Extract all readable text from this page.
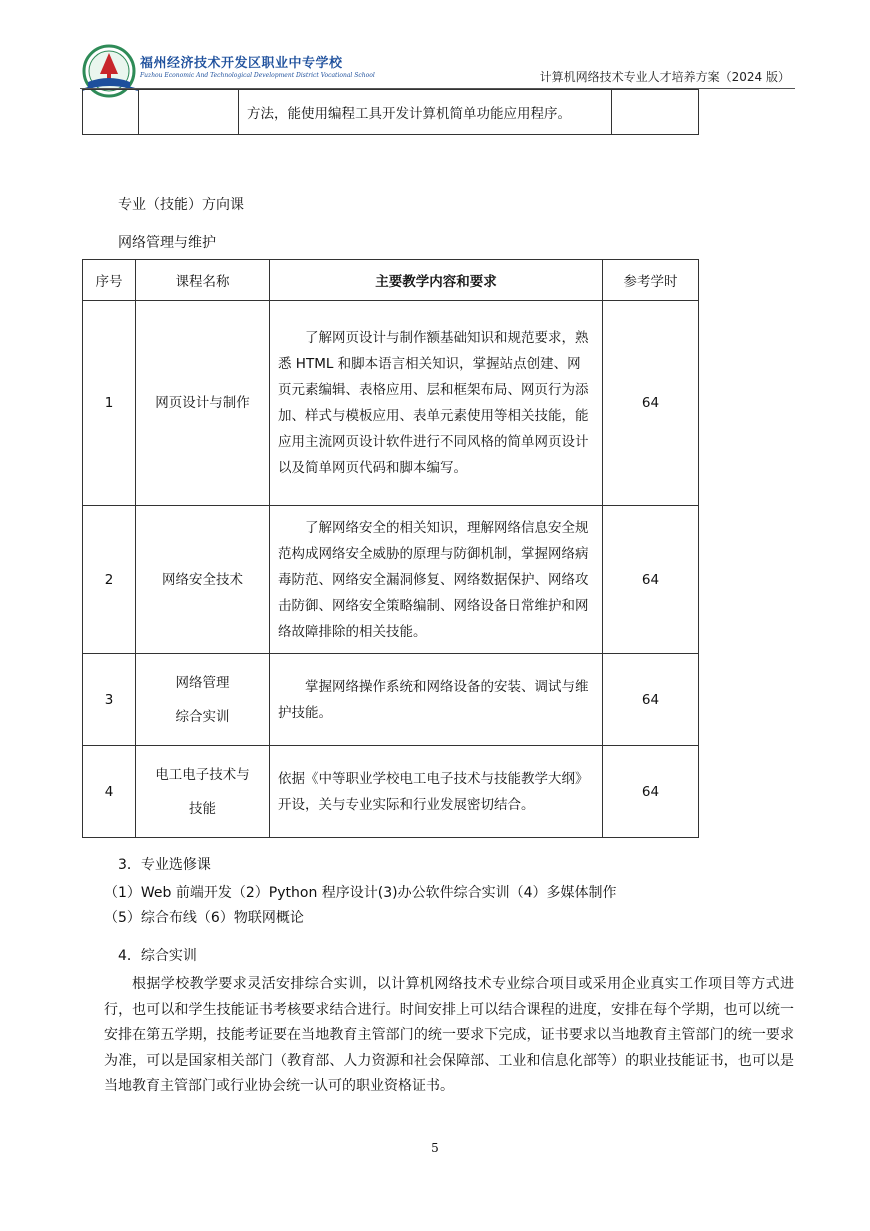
福州经济技术开发区职业中专学校
Fuzhou Economic And Technological Development District Vocational School	计算机网络技术专业人才培养方案（2024 版）
		方法，能使用编程工具开发计算机简单功能应用程序。	
专业（技能）方向课
网络管理与维护
序号	课程名称	主要教学内容和要求	参考学时
1	网页设计与制作	了解网页设计与制作额基础知识和规范要求，熟悉 HTML 和脚本语言相关知识，掌握站点创建、网页元素编辑、表格应用、层和框架布局、网页行为添加、样式与模板应用、表单元素使用等相关技能，能应用主流网页设计软件进行不同风格的简单网页设计以及简单网页代码和脚本编写。	64
2	网络安全技术	了解网络安全的相关知识，理解网络信息安全规范构成网络安全威胁的原理与防御机制，掌握网络病毒防范、网络安全漏洞修复、网络数据保护、网络攻击防御、网络安全策略编制、网络设备日常维护和网络故障排除的相关技能。	64
3	网络管理
综合实训	掌握网络操作系统和网络设备的安装、调试与维护技能。	64
4	电工电子技术与
技能	依据《中等职业学校电工电子技术与技能教学大纲》开设，关与专业实际和行业发展密切结合。	64
3．专业选修课
（1）Web 前端开发（2）Python 程序设计(3)办公软件综合实训（4）多媒体制作
（5）综合布线（6）物联网概论
4．综合实训
根据学校教学要求灵活安排综合实训，以计算机网络技术专业综合项目或采用企业真实工作项目等方式进行，也可以和学生技能证书考核要求结合进行。时间安排上可以结合课程的进度，安排在每个学期，也可以统一安排在第五学期，技能考证要在当地教育主管部门的统一要求下完成，证书要求以当地教育主管部门的统一要求为准，可以是国家相关部门（教育部、人力资源和社会保障部、工业和信息化部等）的职业技能证书，也可以是当地教育主管部门或行业协会统一认可的职业资格证书。
5
